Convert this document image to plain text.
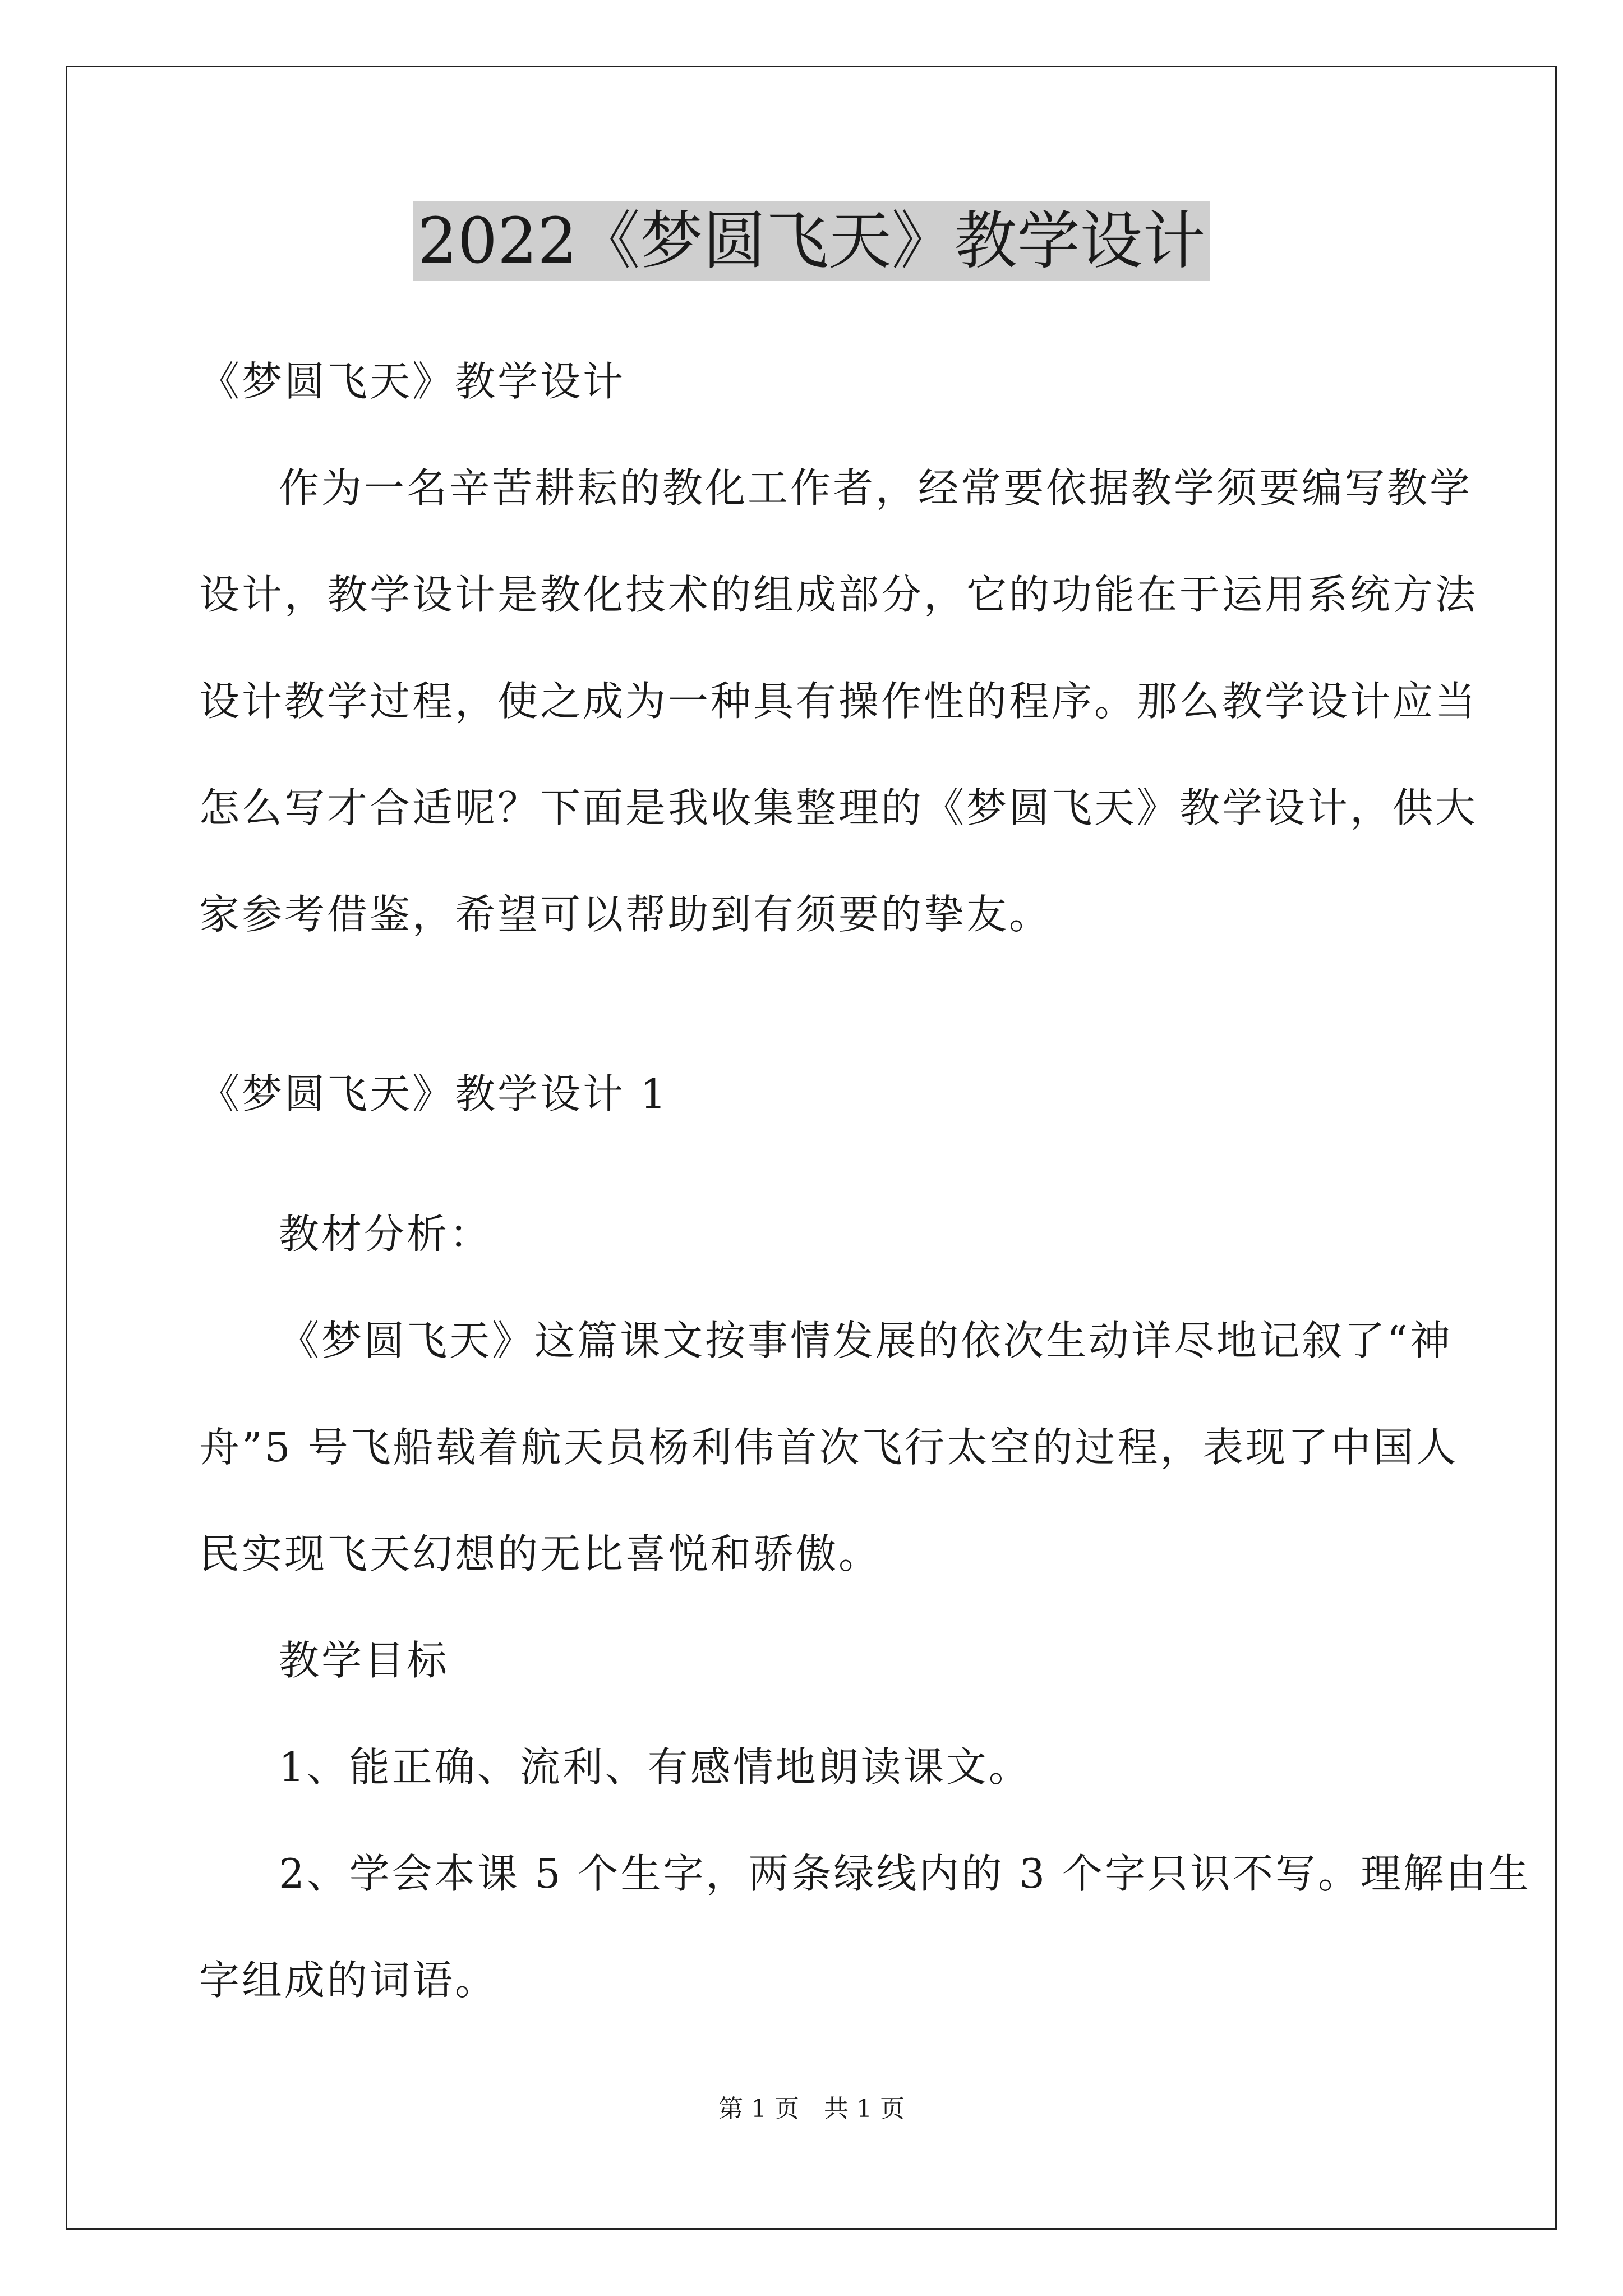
2022《梦圆飞天》教学设计
《梦圆飞天》教学设计
作为一名辛苦耕耘的教化工作者，经常要依据教学须要编写教学
设计，教学设计是教化技术的组成部分，它的功能在于运用系统方法
设计教学过程，使之成为一种具有操作性的程序。那么教学设计应当
怎么写才合适呢？下面是我收集整理的《梦圆飞天》教学设计，供大
家参考借鉴，希望可以帮助到有须要的挚友。
《梦圆飞天》教学设计 1
教材分析：
《梦圆飞天》这篇课文按事情发展的依次生动详尽地记叙了“神
舟”5 号飞船载着航天员杨利伟首次飞行太空的过程，表现了中国人
民实现飞天幻想的无比喜悦和骄傲。
教学目标
1、能正确、流利、有感情地朗读课文。
2、学会本课 5 个生字，两条绿线内的 3 个字只识不写。理解由生
字组成的词语。
第 1 页　共 1 页
